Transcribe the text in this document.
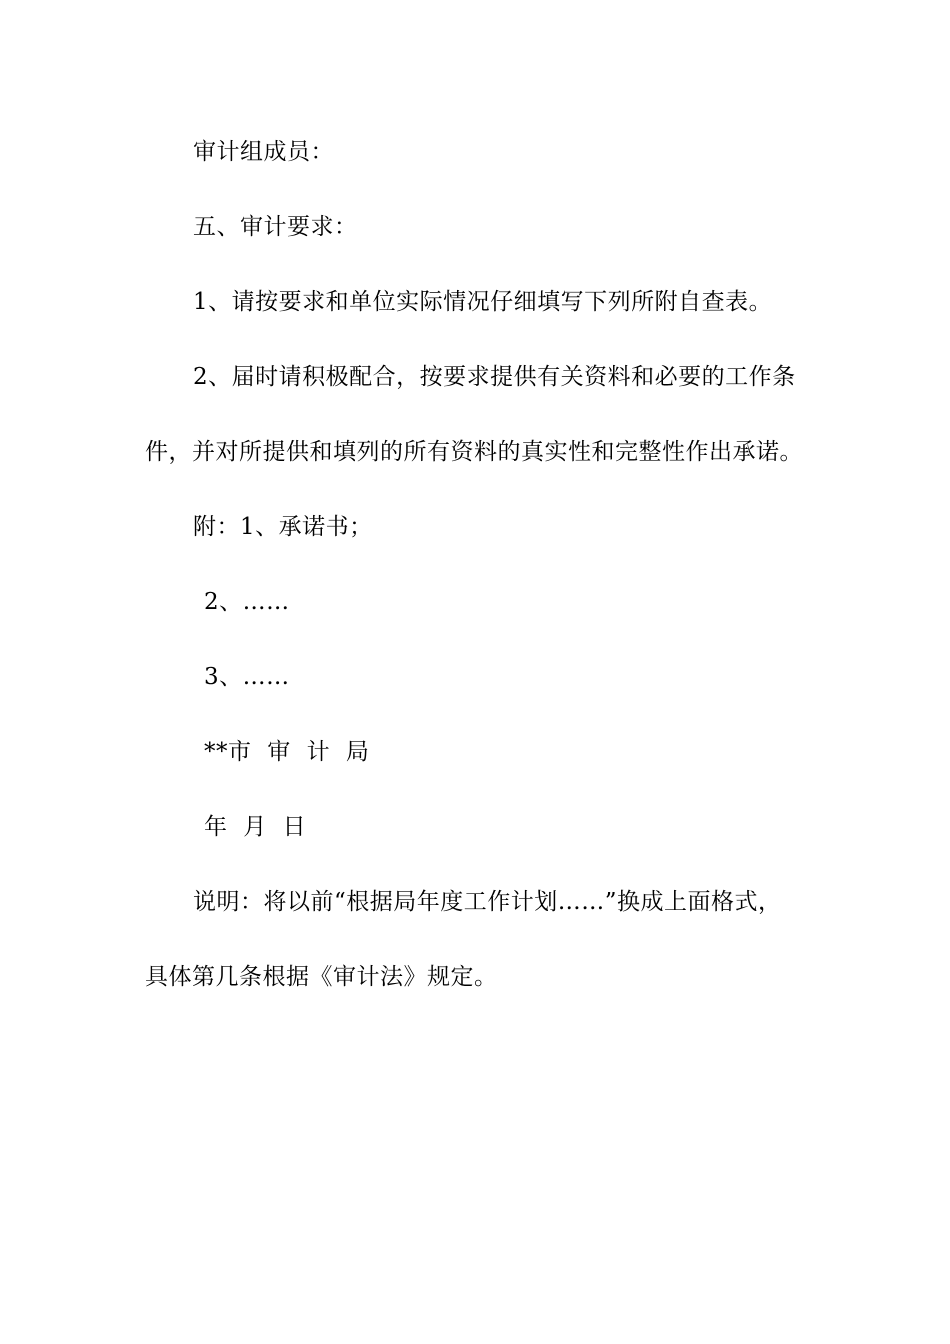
审计组成员：
五、审计要求：
1、请按要求和单位实际情况仔细填写下列所附自查表。
2、届时请积极配合，按要求提供有关资料和必要的工作条
件，并对所提供和填列的所有资料的真实性和完整性作出承诺。
附：1、承诺书；
2、……
3、……
**市 审 计 局
年 月 日
说明：将以前“根据局年度工作计划……”换成上面格式，
具体第几条根据《审计法》规定。
